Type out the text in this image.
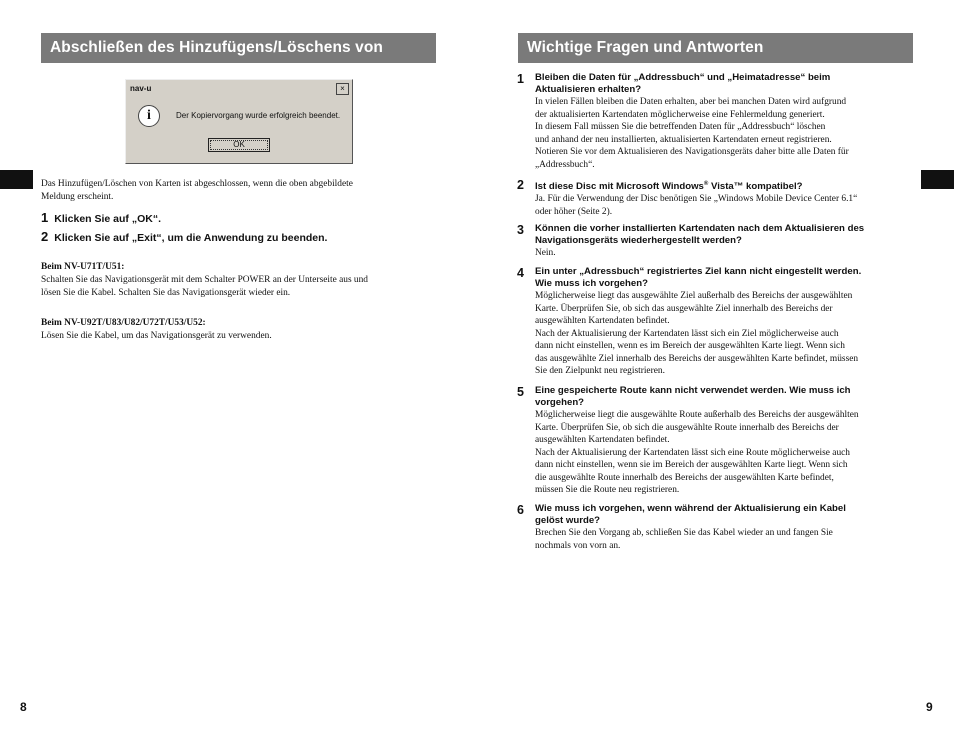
Abschließen des Hinzufügens/Löschens von Karten
nav-u	×
i	Der Kopiervorgang wurde erfolgreich beendet.
OK
Das Hinzufügen/Löschen von Karten ist abgeschlossen, wenn die oben abgebildete
Meldung erscheint.
1 Klicken Sie auf „OK“.
2 Klicken Sie auf „Exit“, um die Anwendung zu beenden.
Beim NV-U71T/U51:
Schalten Sie das Navigationsgerät mit dem Schalter POWER an der Unterseite aus und
lösen Sie die Kabel. Schalten Sie das Navigationsgerät wieder ein.
Beim NV-U92T/U83/U82/U72T/U53/U52:
Lösen Sie die Kabel, um das Navigationsgerät zu verwenden.
8
Wichtige Fragen und Antworten
1 Bleiben die Daten für „Addressbuch“ und „Heimatadresse“ beim
Aktualisieren erhalten?
In vielen Fällen bleiben die Daten erhalten, aber bei manchen Daten wird aufgrund
der aktualisierten Kartendaten möglicherweise eine Fehlermeldung generiert.
In diesem Fall müssen Sie die betreffenden Daten für „Addressbuch“ löschen
und anhand der neu installierten, aktualisierten Kartendaten erneut registrieren.
Notieren Sie vor dem Aktualisieren des Navigationsgeräts daher bitte alle Daten für
„Addressbuch“.
2 Ist diese Disc mit Microsoft Windows® Vista™ kompatibel?
Ja. Für die Verwendung der Disc benötigen Sie „Windows Mobile Device Center 6.1“
oder höher (Seite 2).
3 Können die vorher installierten Kartendaten nach dem Aktualisieren des
Navigationsgeräts wiederhergestellt werden?
Nein.
4 Ein unter „Adressbuch“ registriertes Ziel kann nicht eingestellt werden.
Wie muss ich vorgehen?
Möglicherweise liegt das ausgewählte Ziel außerhalb des Bereichs der ausgewählten
Karte. Überprüfen Sie, ob sich das ausgewählte Ziel innerhalb des Bereichs der
ausgewählten Kartendaten befindet.
Nach der Aktualisierung der Kartendaten lässt sich ein Ziel möglicherweise auch
dann nicht einstellen, wenn es im Bereich der ausgewählten Karte liegt. Wenn sich
das ausgewählte Ziel innerhalb des Bereichs der ausgewählten Karte befindet, müssen
Sie den Zielpunkt neu registrieren.
5 Eine gespeicherte Route kann nicht verwendet werden. Wie muss ich
vorgehen?
Möglicherweise liegt die ausgewählte Route außerhalb des Bereichs der ausgewählten
Karte. Überprüfen Sie, ob sich die ausgewählte Route innerhalb des Bereichs der
ausgewählten Kartendaten befindet.
Nach der Aktualisierung der Kartendaten lässt sich eine Route möglicherweise auch
dann nicht einstellen, wenn sie im Bereich der ausgewählten Karte liegt. Wenn sich
die ausgewählte Route innerhalb des Bereichs der ausgewählten Karte befindet,
müssen Sie die Route neu registrieren.
6 Wie muss ich vorgehen, wenn während der Aktualisierung ein Kabel
gelöst wurde?
Brechen Sie den Vorgang ab, schließen Sie das Kabel wieder an und fangen Sie
nochmals von vorn an.
9
